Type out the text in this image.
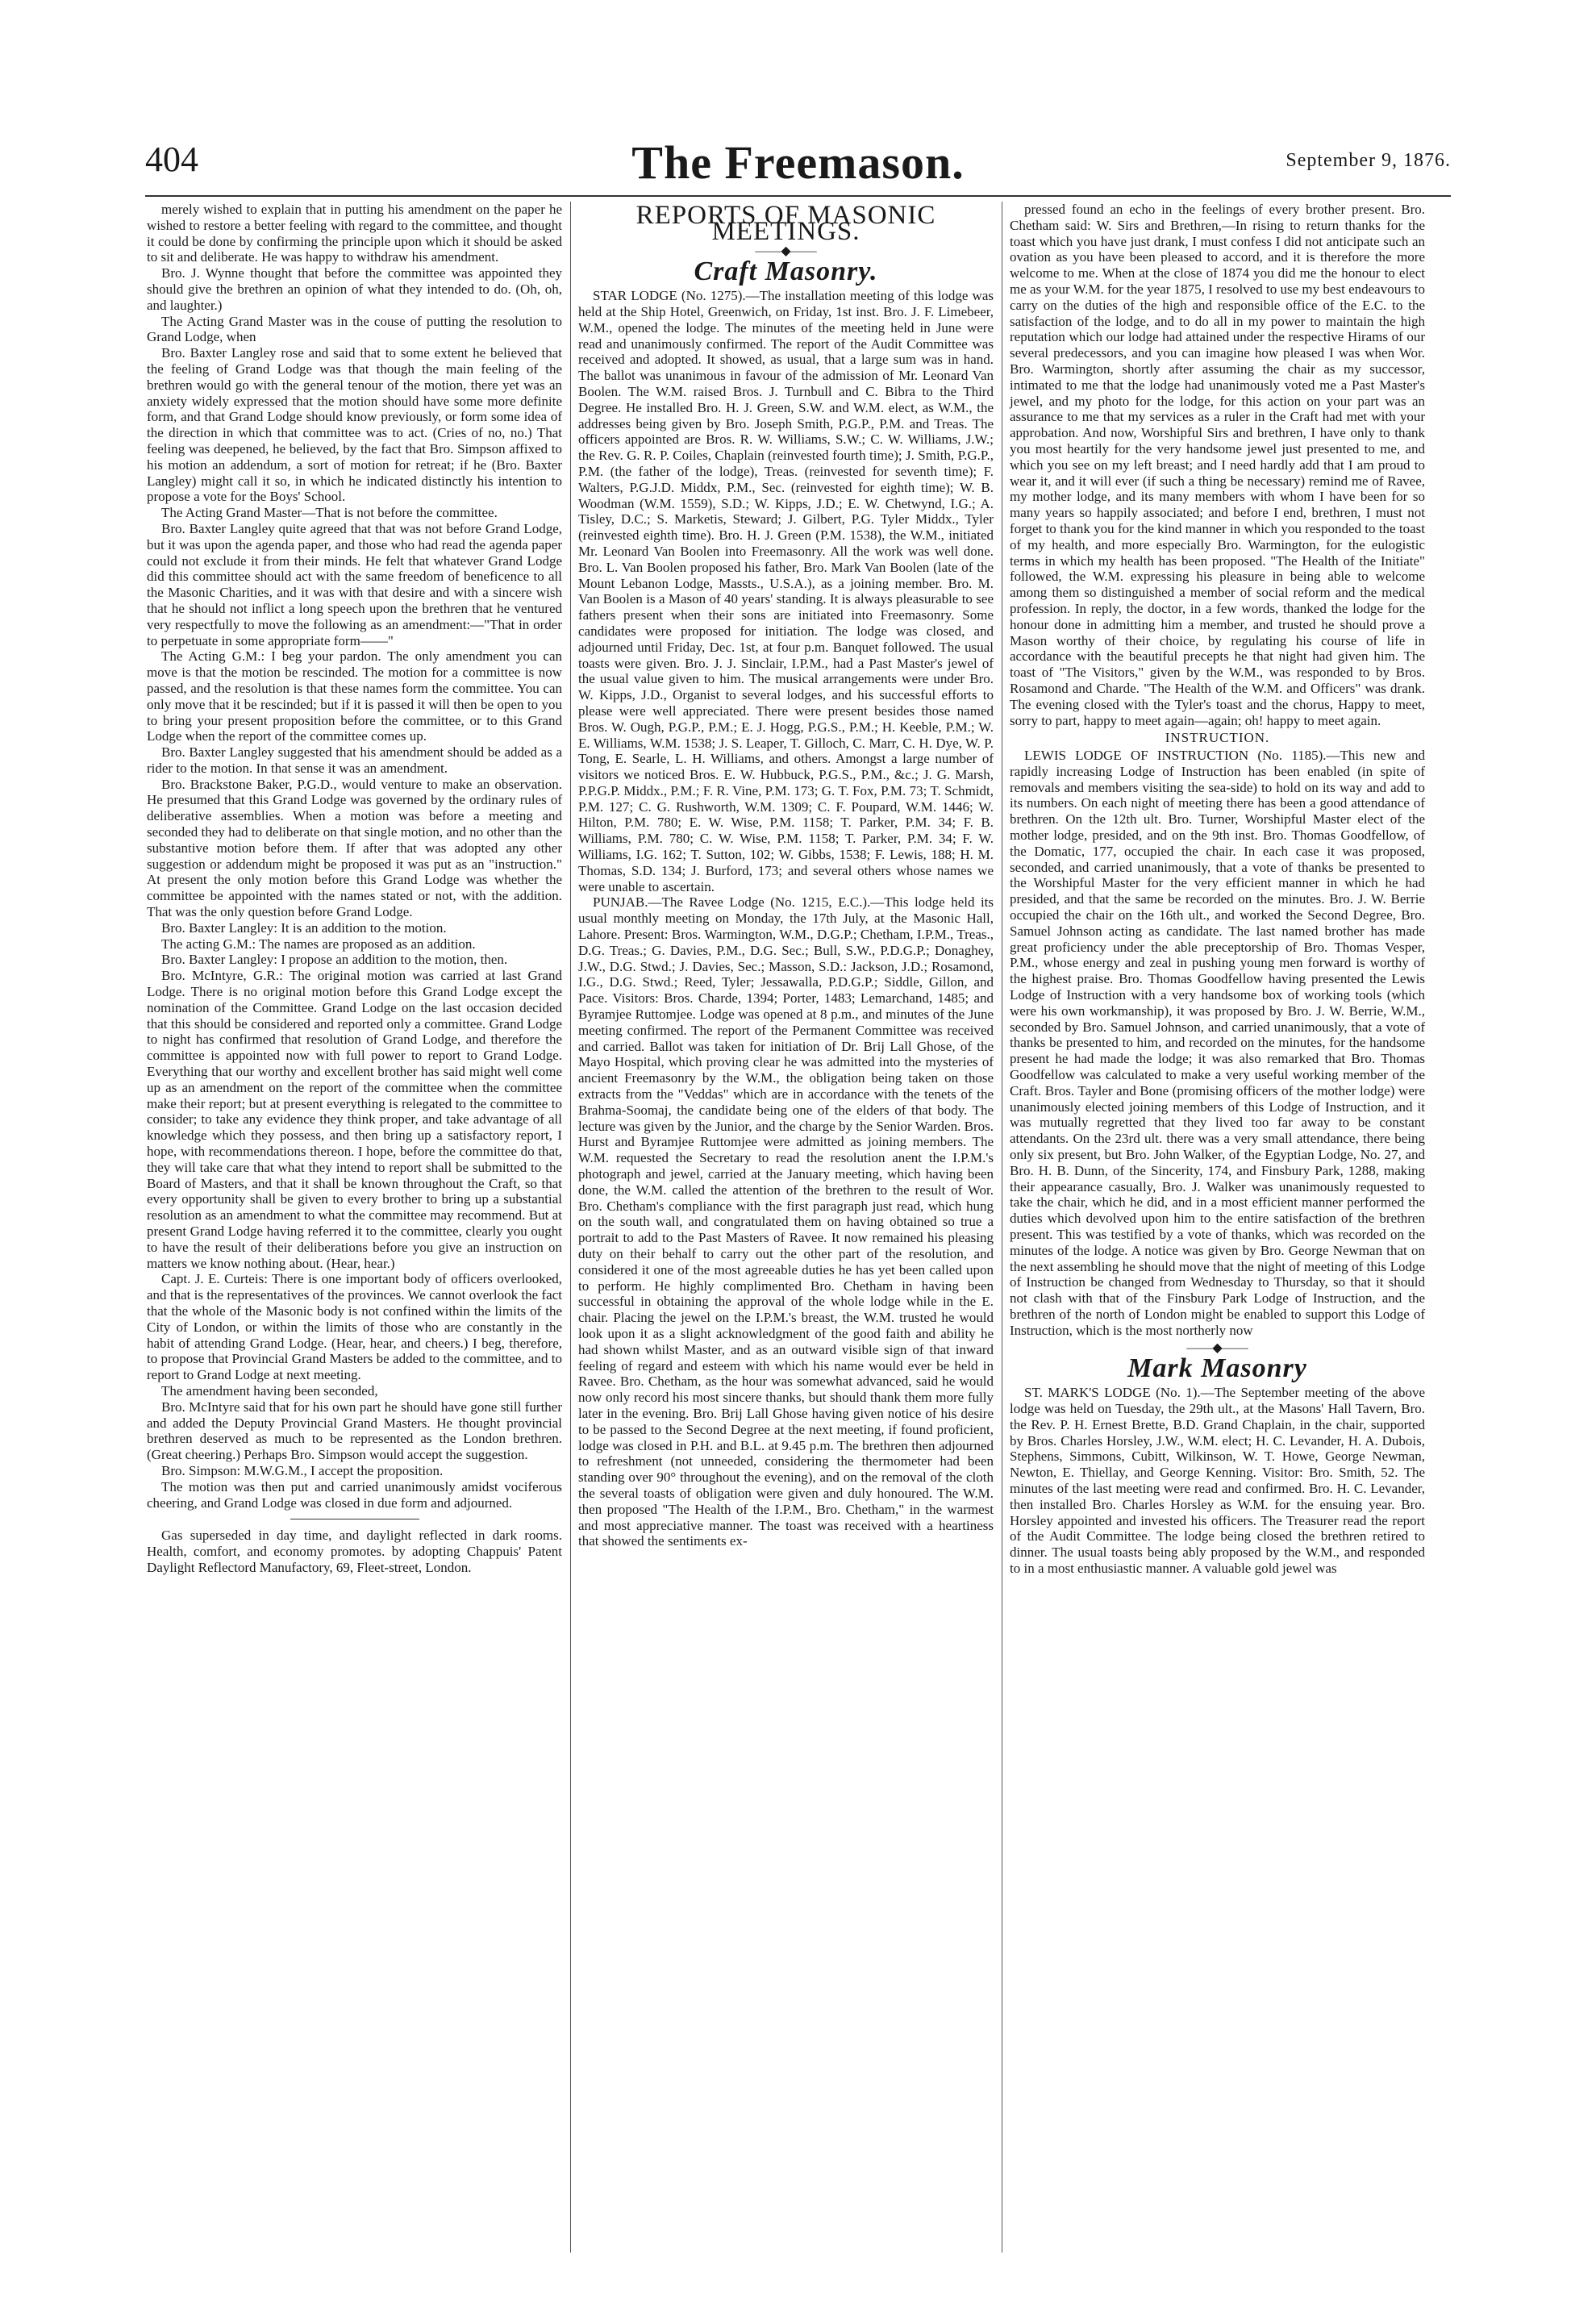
404	The Freemason.	September 9, 1876.

merely wished to explain that in putting his amendment on the paper he wished to restore a better feeling with regard to the committee, and thought it could be done by confirming the principle upon which it should be asked to sit and deliberate. He was happy to withdraw his amendment.

Bro. J. Wynne thought that before the committee was appointed they should give the brethren an opinion of what they intended to do. (Oh, oh, and laughter.)

The Acting Grand Master was in the couse of putting the resolution to Grand Lodge, when

Bro. Baxter Langley rose and said that to some extent he believed that the feeling of Grand Lodge was that though the main feeling of the brethren would go with the general tenour of the motion, there yet was an anxiety widely expressed that the motion should have some more definite form, and that Grand Lodge should know previously, or form some idea of the direction in which that committee was to act. (Cries of no, no.) That feeling was deepened, he believed, by the fact that Bro. Simpson affixed to his motion an addendum, a sort of motion for retreat; if he (Bro. Baxter Langley) might call it so, in which he indicated distinctly his intention to propose a vote for the Boys' School.

The Acting Grand Master—That is not before the committee.

Bro. Baxter Langley quite agreed that that was not before Grand Lodge, but it was upon the agenda paper, and those who had read the agenda paper could not exclude it from their minds. He felt that whatever Grand Lodge did this committee should act with the same freedom of beneficence to all the Masonic Charities, and it was with that desire and with a sincere wish that he should not inflict a long speech upon the brethren that he ventured very respectfully to move the following as an amendment:—"That in order to perpetuate in some appropriate form——"

The Acting G.M.: I beg your pardon. The only amendment you can move is that the motion be rescinded. The motion for a committee is now passed, and the resolution is that these names form the committee. You can only move that it be rescinded; but if it is passed it will then be open to you to bring your present proposition before the committee, or to this Grand Lodge when the report of the committee comes up.

Bro. Baxter Langley suggested that his amendment should be added as a rider to the motion. In that sense it was an amendment.

Bro. Brackstone Baker, P.G.D., would venture to make an observation. He presumed that this Grand Lodge was governed by the ordinary rules of deliberative assemblies. When a motion was before a meeting and seconded they had to deliberate on that single motion, and no other than the substantive motion before them. If after that was adopted any other suggestion or addendum might be proposed it was put as an "instruction." At present the only motion before this Grand Lodge was whether the committee be appointed with the names stated or not, with the addition. That was the only question before Grand Lodge.

Bro. Baxter Langley: It is an addition to the motion.

The acting G.M.: The names are proposed as an addition.

Bro. Baxter Langley: I propose an addition to the motion, then.

Bro. McIntyre, G.R.: The original motion was carried at last Grand Lodge. There is no original motion before this Grand Lodge except the nomination of the Committee. Grand Lodge on the last occasion decided that this should be considered and reported only a committee. Grand Lodge to night has confirmed that resolution of Grand Lodge, and therefore the committee is appointed now with full power to report to Grand Lodge. Everything that our worthy and excellent brother has said might well come up as an amendment on the report of the committee when the committee make their report; but at present everything is relegated to the committee to consider; to take any evidence they think proper, and take advantage of all knowledge which they possess, and then bring up a satisfactory report, I hope, with recommendations thereon. I hope, before the committee do that, they will take care that what they intend to report shall be submitted to the Board of Masters, and that it shall be known throughout the Craft, so that every opportunity shall be given to every brother to bring up a substantial resolution as an amendment to what the committee may recommend. But at present Grand Lodge having referred it to the committee, clearly you ought to have the result of their deliberations before you give an instruction on matters we know nothing about. (Hear, hear.)

Capt. J. E. Curteis: There is one important body of officers overlooked, and that is the representatives of the provinces. We cannot overlook the fact that the whole of the Masonic body is not confined within the limits of the City of London, or within the limits of those who are constantly in the habit of attending Grand Lodge. (Hear, hear, and cheers.) I beg, therefore, to propose that Provincial Grand Masters be added to the committee, and to report to Grand Lodge at next meeting.

The amendment having been seconded,

Bro. McIntyre said that for his own part he should have gone still further and added the Deputy Provincial Grand Masters. He thought provincial brethren deserved as much to be represented as the London brethren. (Great cheering.) Perhaps Bro. Simpson would accept the suggestion.

Bro. Simpson: M.W.G.M., I accept the proposition.

The motion was then put and carried unanimously amidst vociferous cheering, and Grand Lodge was closed in due form and adjourned.

Gas superseded in day time, and daylight reflected in dark rooms. Health, comfort, and economy promotes. by adopting Chappuis' Patent Daylight Reflectord Manufactory, 69, Fleet-street, London.

REPORTS OF MASONIC MEETINGS.
——◆——
Craft Masonry.

STAR LODGE (No. 1275).—The installation meeting of this lodge was held at the Ship Hotel, Greenwich, on Friday, 1st inst. Bro. J. F. Limebeer, W.M., opened the lodge. The minutes of the meeting held in June were read and unanimously confirmed. The report of the Audit Committee was received and adopted. It showed, as usual, that a large sum was in hand. The ballot was unanimous in favour of the admission of Mr. Leonard Van Boolen. The W.M. raised Bros. J. Turnbull and C. Bibra to the Third Degree. He installed Bro. H. J. Green, S.W. and W.M. elect, as W.M., the addresses being given by Bro. Joseph Smith, P.G.P., P.M. and Treas. The officers appointed are Bros. R. W. Williams, S.W.; C. W. Williams, J.W.; the Rev. G. R. P. Coiles, Chaplain (reinvested fourth time); J. Smith, P.G.P., P.M. (the father of the lodge), Treas. (reinvested for seventh time); F. Walters, P.G.J.D. Middx, P.M., Sec. (reinvested for eighth time); W. B. Woodman (W.M. 1559), S.D.; W. Kipps, J.D.; E. W. Chetwynd, I.G.; A. Tisley, D.C.; S. Marketis, Steward; J. Gilbert, P.G. Tyler Middx., Tyler (reinvested eighth time). Bro. H. J. Green (P.M. 1538), the W.M., initiated Mr. Leonard Van Boolen into Freemasonry. All the work was well done. Bro. L. Van Boolen proposed his father, Bro. Mark Van Boolen (late of the Mount Lebanon Lodge, Massts., U.S.A.), as a joining member. Bro. M. Van Boolen is a Mason of 40 years' standing. It is always pleasurable to see fathers present when their sons are initiated into Freemasonry. Some candidates were proposed for initiation. The lodge was closed, and adjourned until Friday, Dec. 1st, at four p.m. Banquet followed. The usual toasts were given. Bro. J. J. Sinclair, I.P.M., had a Past Master's jewel of the usual value given to him. The musical arrangements were under Bro. W. Kipps, J.D., Organist to several lodges, and his successful efforts to please were well appreciated. There were present besides those named Bros. W. Ough, P.G.P., P.M.; E. J. Hogg, P.G.S., P.M.; H. Keeble, P.M.; W. E. Williams, W.M. 1538; J. S. Leaper, T. Gilloch, C. Marr, C. H. Dye, W. P. Tong, E. Searle, L. H. Williams, and others. Amongst a large number of visitors we noticed Bros. E. W. Hubbuck, P.G.S., P.M., &c.; J. G. Marsh, P.P.G.P. Middx., P.M.; F. R. Vine, P.M. 173; G. T. Fox, P.M. 73; T. Schmidt, P.M. 127; C. G. Rushworth, W.M. 1309; C. F. Poupard, W.M. 1446; W. Hilton, P.M. 780; E. W. Wise, P.M. 1158; T. Parker, P.M. 34; F. B. Williams, P.M. 780; C. W. Wise, P.M. 1158; T. Parker, P.M. 34; F. W. Williams, I.G. 162; T. Sutton, 102; W. Gibbs, 1538; F. Lewis, 188; H. M. Thomas, S.D. 134; J. Burford, 173; and several others whose names we were unable to ascertain.

PUNJAB.—The Ravee Lodge (No. 1215, E.C.).—This lodge held its usual monthly meeting on Monday, the 17th July, at the Masonic Hall, Lahore. Present: Bros. Warmington, W.M., D.G.P.; Chetham, I.P.M., Treas., D.G. Treas.; G. Davies, P.M., D.G. Sec.; Bull, S.W., P.D.G.P.; Donaghey, J.W., D.G. Stwd.; J. Davies, Sec.; Masson, S.D.: Jackson, J.D.; Rosamond, I.G., D.G. Stwd.; Reed, Tyler; Jessawalla, P.D.G.P.; Siddle, Gillon, and Pace. Visitors: Bros. Charde, 1394; Porter, 1483; Lemarchand, 1485; and Byramjee Ruttomjee. Lodge was opened at 8 p.m., and minutes of the June meeting confirmed. The report of the Permanent Committee was received and carried. Ballot was taken for initiation of Dr. Brij Lall Ghose, of the Mayo Hospital, which proving clear he was admitted into the mysteries of ancient Freemasonry by the W.M., the obligation being taken on those extracts from the "Veddas" which are in accordance with the tenets of the Brahma-Soomaj, the candidate being one of the elders of that body. The lecture was given by the Junior, and the charge by the Senior Warden. Bros. Hurst and Byramjee Ruttomjee were admitted as joining members. The W.M. requested the Secretary to read the resolution anent the I.P.M.'s photograph and jewel, carried at the January meeting, which having been done, the W.M. called the attention of the brethren to the result of Wor. Bro. Chetham's compliance with the first paragraph just read, which hung on the south wall, and congratulated them on having obtained so true a portrait to add to the Past Masters of Ravee. It now remained his pleasing duty on their behalf to carry out the other part of the resolution, and considered it one of the most agreeable duties he has yet been called upon to perform. He highly complimented Bro. Chetham in having been successful in obtaining the approval of the whole lodge while in the E. chair. Placing the jewel on the I.P.M.'s breast, the W.M. trusted he would look upon it as a slight acknowledgment of the good faith and ability he had shown whilst Master, and as an outward visible sign of that inward feeling of regard and esteem with which his name would ever be held in Ravee. Bro. Chetham, as the hour was somewhat advanced, said he would now only record his most sincere thanks, but should thank them more fully later in the evening. Bro. Brij Lall Ghose having given notice of his desire to be passed to the Second Degree at the next meeting, if found proficient, lodge was closed in P.H. and B.L. at 9.45 p.m. The brethren then adjourned to refreshment (not unneeded, considering the thermometer had been standing over 90° throughout the evening), and on the removal of the cloth the several toasts of obligation were given and duly honoured. The W.M. then proposed "The Health of the I.P.M., Bro. Chetham," in the warmest and most appreciative manner. The toast was received with a heartiness that showed the sentiments ex-

pressed found an echo in the feelings of every brother present. Bro. Chetham said: W. Sirs and Brethren,—In rising to return thanks for the toast which you have just drank, I must confess I did not anticipate such an ovation as you have been pleased to accord, and it is therefore the more welcome to me. When at the close of 1874 you did me the honour to elect me as your W.M. for the year 1875, I resolved to use my best endeavours to carry on the duties of the high and responsible office of the E.C. to the satisfaction of the lodge, and to do all in my power to maintain the high reputation which our lodge had attained under the respective Hirams of our several predecessors, and you can imagine how pleased I was when Wor. Bro. Warmington, shortly after assuming the chair as my successor, intimated to me that the lodge had unanimously voted me a Past Master's jewel, and my photo for the lodge, for this action on your part was an assurance to me that my services as a ruler in the Craft had met with your approbation. And now, Worshipful Sirs and brethren, I have only to thank you most heartily for the very handsome jewel just presented to me, and which you see on my left breast; and I need hardly add that I am proud to wear it, and it will ever (if such a thing be necessary) remind me of Ravee, my mother lodge, and its many members with whom I have been for so many years so happily associated; and before I end, brethren, I must not forget to thank you for the kind manner in which you responded to the toast of my health, and more especially Bro. Warmington, for the eulogistic terms in which my health has been proposed. "The Health of the Initiate" followed, the W.M. expressing his pleasure in being able to welcome among them so distinguished a member of social reform and the medical profession. In reply, the doctor, in a few words, thanked the lodge for the honour done in admitting him a member, and trusted he should prove a Mason worthy of their choice, by regulating his course of life in accordance with the beautiful precepts he that night had given him. The toast of "The Visitors," given by the W.M., was responded to by Bros. Rosamond and Charde. "The Health of the W.M. and Officers" was drank. The evening closed with the Tyler's toast and the chorus, Happy to meet, sorry to part, happy to meet again—again; oh! happy to meet again.

INSTRUCTION.

LEWIS LODGE OF INSTRUCTION (No. 1185).—This new and rapidly increasing Lodge of Instruction has been enabled (in spite of removals and members visiting the sea-side) to hold on its way and add to its numbers. On each night of meeting there has been a good attendance of brethren. On the 12th ult. Bro. Turner, Worshipful Master elect of the mother lodge, presided, and on the 9th inst. Bro. Thomas Goodfellow, of the Domatic, 177, occupied the chair. In each case it was proposed, seconded, and carried unanimously, that a vote of thanks be presented to the Worshipful Master for the very efficient manner in which he had presided, and that the same be recorded on the minutes. Bro. J. W. Berrie occupied the chair on the 16th ult., and worked the Second Degree, Bro. Samuel Johnson acting as candidate. The last named brother has made great proficiency under the able preceptorship of Bro. Thomas Vesper, P.M., whose energy and zeal in pushing young men forward is worthy of the highest praise. Bro. Thomas Goodfellow having presented the Lewis Lodge of Instruction with a very handsome box of working tools (which were his own workmanship), it was proposed by Bro. J. W. Berrie, W.M., seconded by Bro. Samuel Johnson, and carried unanimously, that a vote of thanks be presented to him, and recorded on the minutes, for the handsome present he had made the lodge; it was also remarked that Bro. Thomas Goodfellow was calculated to make a very useful working member of the Craft. Bros. Tayler and Bone (promising officers of the mother lodge) were unanimously elected joining members of this Lodge of Instruction, and it was mutually regretted that they lived too far away to be constant attendants. On the 23rd ult. there was a very small attendance, there being only six present, but Bro. John Walker, of the Egyptian Lodge, No. 27, and Bro. H. B. Dunn, of the Sincerity, 174, and Finsbury Park, 1288, making their appearance casually, Bro. J. Walker was unanimously requested to take the chair, which he did, and in a most efficient manner performed the duties which devolved upon him to the entire satisfaction of the brethren present. This was testified by a vote of thanks, which was recorded on the minutes of the lodge. A notice was given by Bro. George Newman that on the next assembling he should move that the night of meeting of this Lodge of Instruction be changed from Wednesday to Thursday, so that it should not clash with that of the Finsbury Park Lodge of Instruction, and the brethren of the north of London might be enabled to support this Lodge of Instruction, which is the most northerly now

——◆——
Mark Masonry

ST. MARK'S LODGE (No. 1).—The September meeting of the above lodge was held on Tuesday, the 29th ult., at the Masons' Hall Tavern, Bro. the Rev. P. H. Ernest Brette, B.D. Grand Chaplain, in the chair, supported by Bros. Charles Horsley, J.W., W.M. elect; H. C. Levander, H. A. Dubois, Stephens, Simmons, Cubitt, Wilkinson, W. T. Howe, George Newman, Newton, E. Thiellay, and George Kenning. Visitor: Bro. Smith, 52. The minutes of the last meeting were read and confirmed. Bro. H. C. Levander, then installed Bro. Charles Horsley as W.M. for the ensuing year. Bro. Horsley appointed and invested his officers. The Treasurer read the report of the Audit Committee. The lodge being closed the brethren retired to dinner. The usual toasts being ably proposed by the W.M., and responded to in a most enthusiastic manner. A valuable gold jewel was
